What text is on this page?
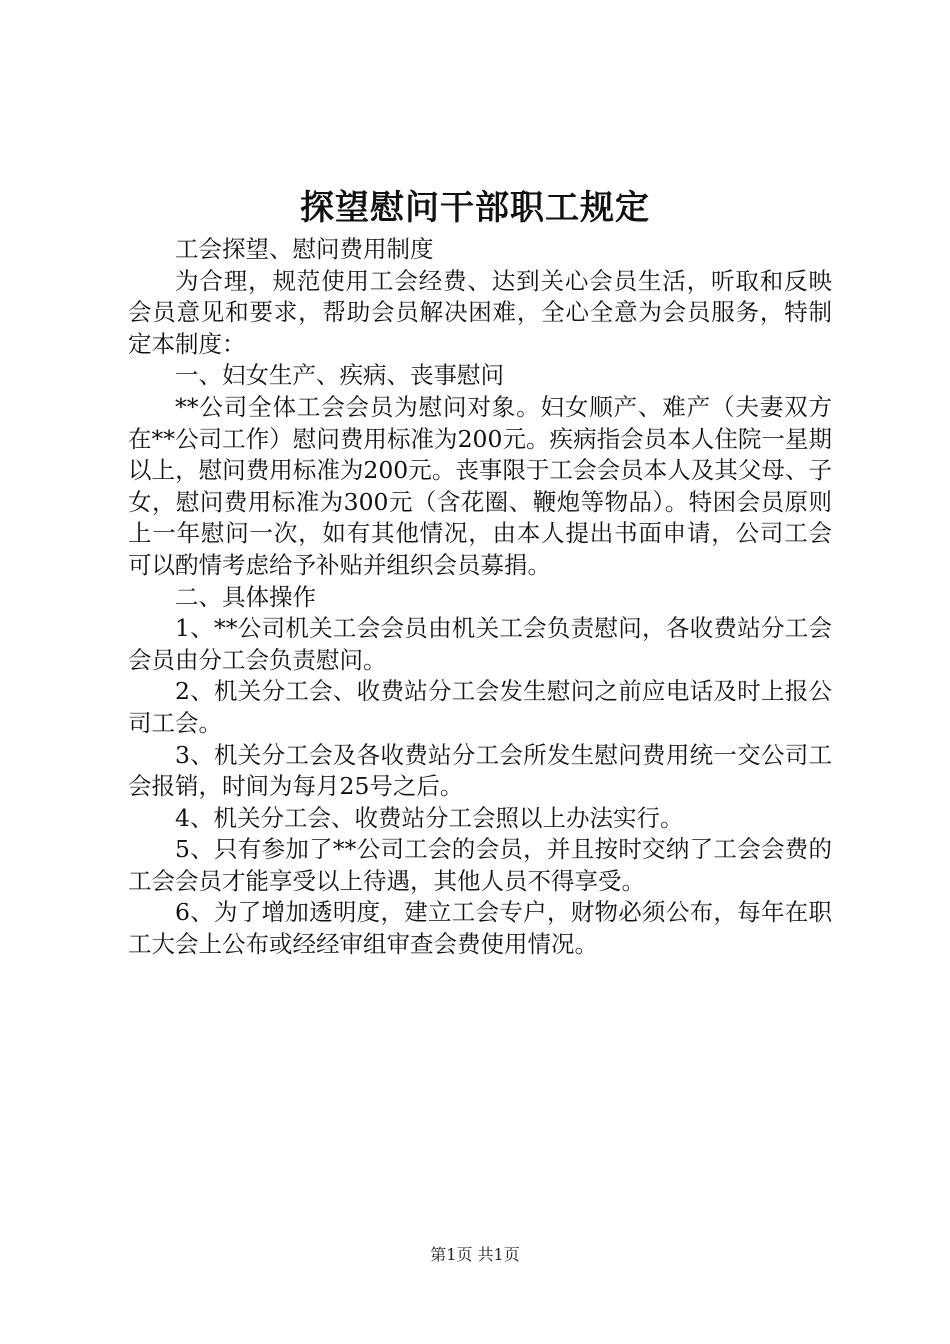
探望慰问干部职工规定

工会探望、慰问费用制度

为合理，规范使用工会经费、达到关心会员生活，听取和反映会员意见和要求，帮助会员解决困难，全心全意为会员服务，特制定本制度：

一、妇女生产、疾病、丧事慰问

**公司全体工会会员为慰问对象。妇女顺产、难产（夫妻双方在**公司工作）慰问费用标准为200元。疾病指会员本人住院一星期以上，慰问费用标准为200元。丧事限于工会会员本人及其父母、子女，慰问费用标准为300元（含花圈、鞭炮等物品）。特困会员原则上一年慰问一次，如有其他情况，由本人提出书面申请，公司工会可以酌情考虑给予补贴并组织会员募捐。

二、具体操作

1、**公司机关工会会员由机关工会负责慰问，各收费站分工会会员由分工会负责慰问。

2、机关分工会、收费站分工会发生慰问之前应电话及时上报公司工会。

3、机关分工会及各收费站分工会所发生慰问费用统一交公司工会报销，时间为每月25号之后。

4、机关分工会、收费站分工会照以上办法实行。

5、只有参加了**公司工会的会员，并且按时交纳了工会会费的工会会员才能享受以上待遇，其他人员不得享受。

6、为了增加透明度，建立工会专户，财物必须公布，每年在职工大会上公布或经经审组审查会费使用情况。

第1页 共1页
